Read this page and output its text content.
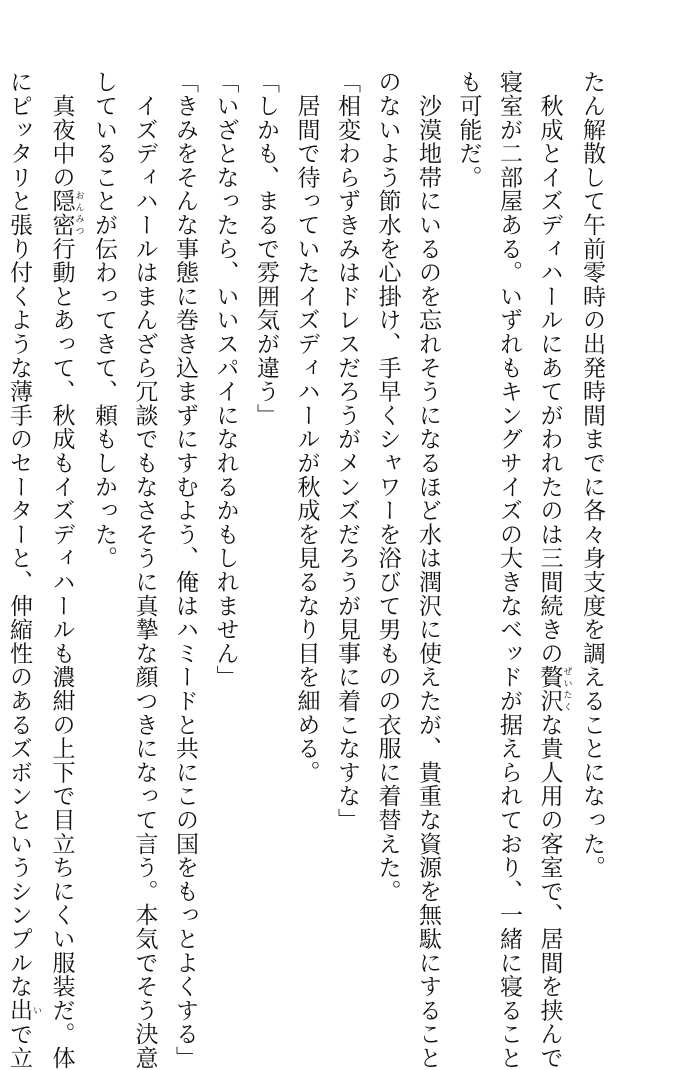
たん解散して午前零時の出発時間までに各々身支度を調えることになった。
　秋成とイズディハールにあてがわれたのは三間続きの贅沢 ぜいたくな貴人用の客室で、居間を挟んで
寝室が二部屋ある。いずれもキングサイズの大きなベッドが据えられており、一緒に寝ること
も可能だ。
　沙漠地帯にいるのを忘れそうになるほど水は潤沢に使えたが、貴重な資源を無駄にすること
のないよう節水を心掛け、手早くシャワーを浴びて男ものの衣服に着替えた。
「相変わらずきみはドレスだろうがメンズだろうが見事に着こなすな」
　居間で待っていたイズディハールが秋成を見るなり目を細める。
「しかも、まるで雰囲気が違う」
「いざとなったら、いいスパイになれるかもしれません」
「きみをそんな事態に巻き込まずにすむよう、俺はハミードと共にこの国をもっとよくする」
　イズディハールはまんざら冗談でもなさそうに真摯な顔つきになって言う。本気でそう決意
していることが伝わってきて、頼もしかった。
　真夜中の隠密 おんみつ行動とあって、秋成もイズディハールも濃紺の上下で目立ちにくい服装だ。体
にピッタリと張り付くような薄手のセーターと、伸縮性のあるズボンというシンプルな出 いで立
